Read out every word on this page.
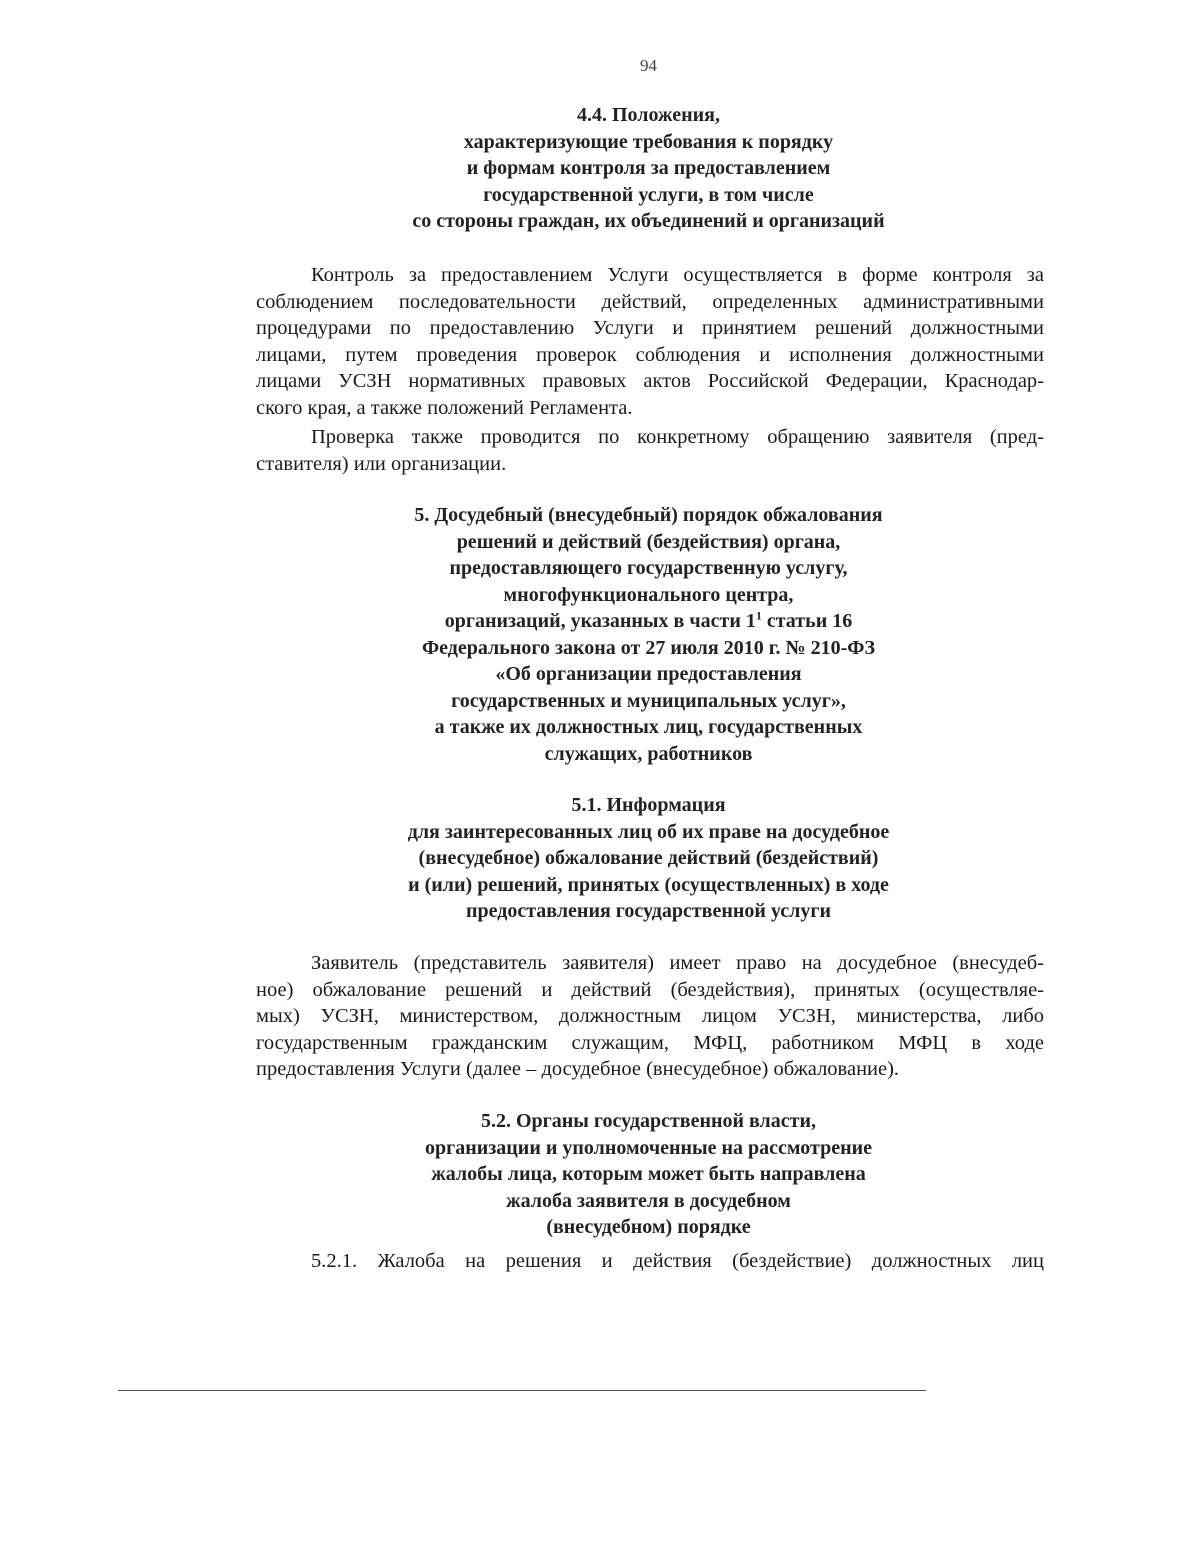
94
4.4. Положения,
характеризующие требования к порядку
и формам контроля за предоставлением
государственной услуги, в том числе
со стороны граждан, их объединений и организаций
Контроль за предоставлением Услуги осуществляется в форме контроля за
соблюдением последовательности действий, определенных административными
процедурами по предоставлению Услуги и принятием решений должностными
лицами, путем проведения проверок соблюдения и исполнения должностными
лицами УСЗН нормативных правовых актов Российской Федерации, Краснодар-
ского края, а также положений Регламента.
Проверка также проводится по конкретному обращению заявителя (пред-
ставителя) или организации.
5. Досудебный (внесудебный) порядок обжалования
решений и действий (бездействия) органа,
предоставляющего государственную услугу,
многофункционального центра,
организаций, указанных в части $1^1$ статьи 16
Федерального закона от 27 июля 2010 г. № 210-ФЗ
«Об организации предоставления
государственных и муниципальных услуг»,
а также их должностных лиц, государственных
служащих, работников
5.1. Информация
для заинтересованных лиц об их праве на досудебное
(внесудебное) обжалование действий (бездействий)
и (или) решений, принятых (осуществленных) в ходе
предоставления государственной услуги
Заявитель (представитель заявителя) имеет право на досудебное (внесудеб-
ное) обжалование решений и действий (бездействия), принятых (осуществляе-
мых) УСЗН, министерством, должностным лицом УСЗН, министерства, либо
государственным гражданским служащим, МФЦ, работником МФЦ в ходе
предоставления Услуги (далее – досудебное (внесудебное) обжалование).
5.2. Органы государственной власти,
организации и уполномоченные на рассмотрение
жалобы лица, которым может быть направлена
жалоба заявителя в досудебном
(внесудебном) порядке
5.2.1. Жалоба на решения и действия (бездействие) должностных лиц
